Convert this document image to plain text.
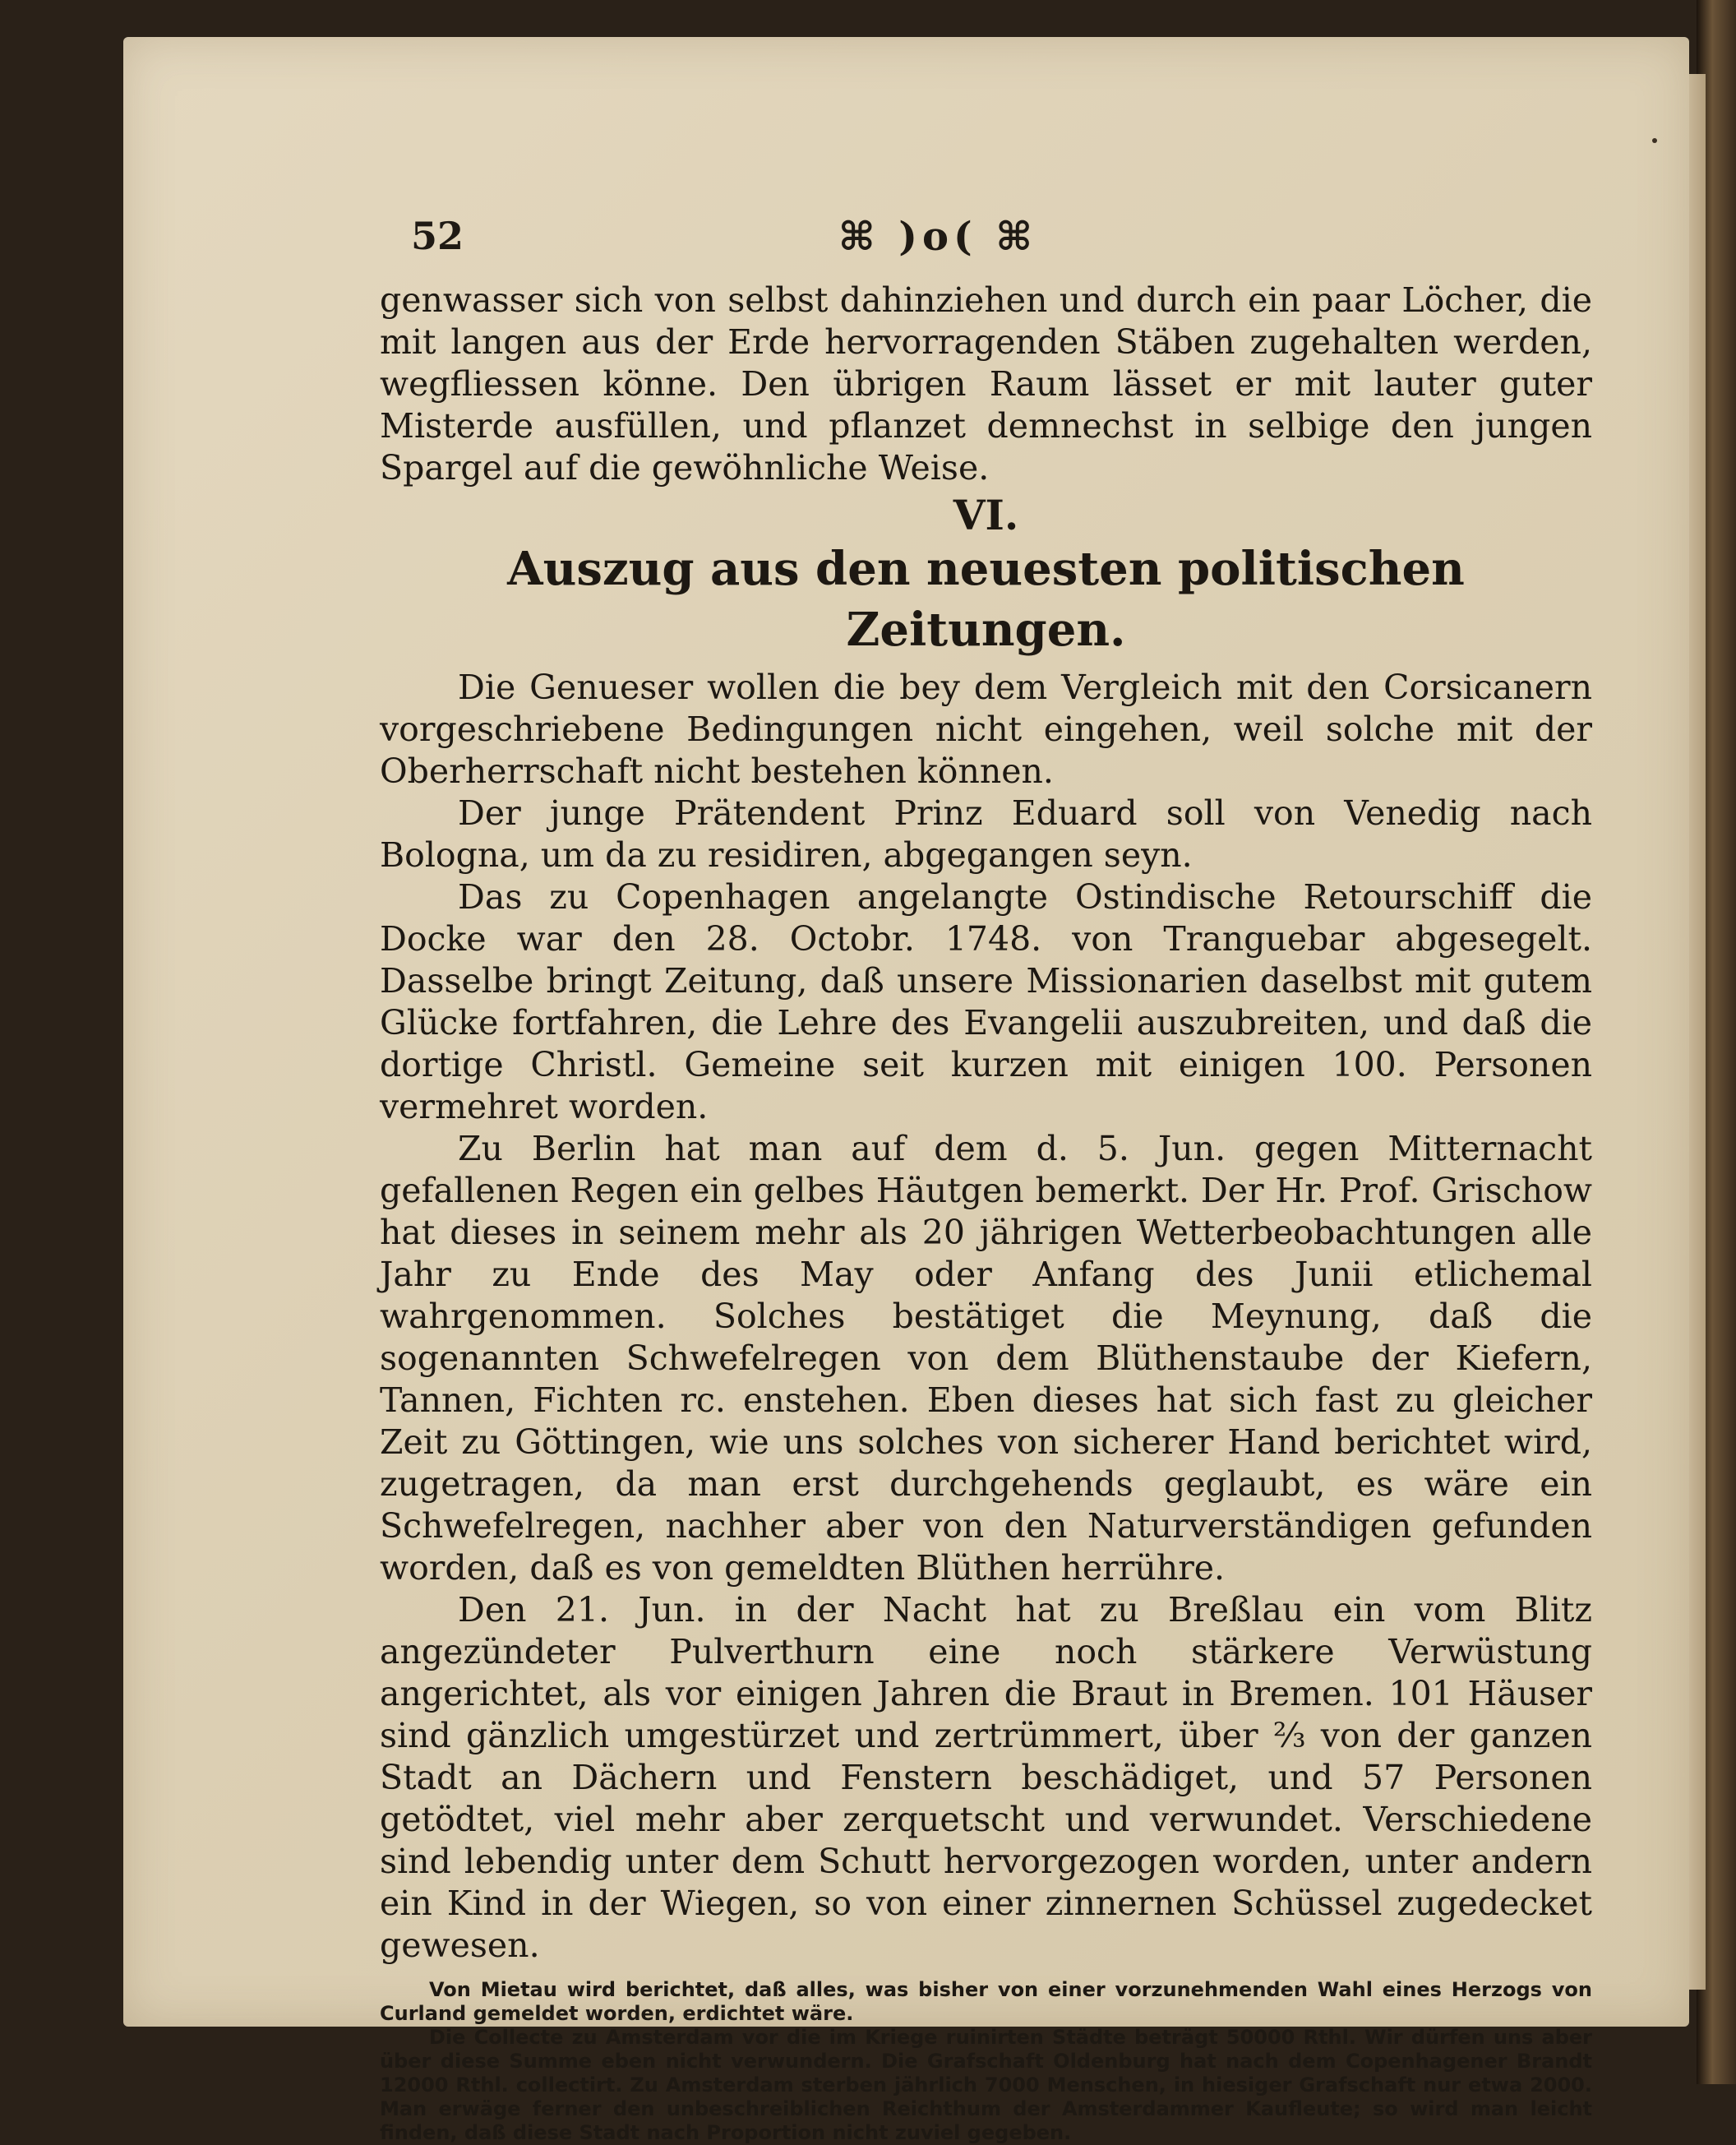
52	⌘ )o( ⌘

genwasser sich von selbst dahinziehen und durch ein paar Löcher, die mit langen aus der Erde hervorragenden Stäben zugehalten werden, wegfliessen könne. Den übrigen Raum lässet er mit lauter guter Misterde ausfüllen, und pflanzet demnechst in selbige den jungen Spargel auf die gewöhnliche Weise.

VI.
Auszug aus den neuesten politischen Zeitungen.

Die Genueser wollen die bey dem Vergleich mit den Corsicanern vorgeschriebene Bedingungen nicht eingehen, weil solche mit der Oberherrschaft nicht bestehen können.

Der junge Prätendent Prinz Eduard soll von Venedig nach Bologna, um da zu residiren, abgegangen seyn.

Das zu Copenhagen angelangte Ostindische Retourschiff die Docke war den 28. Octobr. 1748. von Tranguebar abgesegelt. Dasselbe bringt Zeitung, daß unsere Missionarien daselbst mit gutem Glücke fortfahren, die Lehre des Evangelii auszubreiten, und daß die dortige Christl. Gemeine seit kurzen mit einigen 100. Personen vermehret worden.

Zu Berlin hat man auf dem d. 5. Jun. gegen Mitternacht gefallenen Regen ein gelbes Häutgen bemerkt. Der Hr. Prof. Grischow hat dieses in seinem mehr als 20 jährigen Wetterbeobachtungen alle Jahr zu Ende des May oder Anfang des Junii etlichemal wahrgenommen. Solches bestätiget die Meynung, daß die sogenannten Schwefelregen von dem Blüthenstaube der Kiefern, Tannen, Fichten rc. enstehen. Eben dieses hat sich fast zu gleicher Zeit zu Göttingen, wie uns solches von sicherer Hand berichtet wird, zugetragen, da man erst durchgehends geglaubt, es wäre ein Schwefelregen, nachher aber von den Naturverständigen gefunden worden, daß es von gemeldten Blüthen herrühre.

Den 21. Jun. in der Nacht hat zu Breßlau ein vom Blitz angezündeter Pulverthurn eine noch stärkere Verwüstung angerichtet, als vor einigen Jahren die Braut in Bremen. 101 Häuser sind gänzlich umgestürzet und zertrümmert, über ⅔ von der ganzen Stadt an Dächern und Fenstern beschädiget, und 57 Personen getödtet, viel mehr aber zerquetscht und verwundet. Verschiedene sind lebendig unter dem Schutt hervorgezogen worden, unter andern ein Kind in der Wiegen, so von einer zinnernen Schüssel zugedecket gewesen.

Von Mietau wird berichtet, daß alles, was bisher von einer vorzunehmenden Wahl eines Herzogs von Curland gemeldet worden, erdichtet wäre.

Die Collecte zu Amsterdam vor die im Kriege ruinirten Städte beträgt 50000 Rthl. Wir dürfen uns aber über diese Summe eben nicht verwundern. Die Grafschaft Oldenburg hat nach dem Copenhagener Brandt 12000 Rthl. collectirt. Zu Amsterdam sterben jährlich 7000 Menschen, in hiesiger Grafschaft nur etwa 2000. Man erwäge ferner den unbeschreiblichen Reichthum der Amsterdammer Kaufleute; so wird man leicht finden, daß diese Stadt nach Proportion nicht zuviel gegeben.
